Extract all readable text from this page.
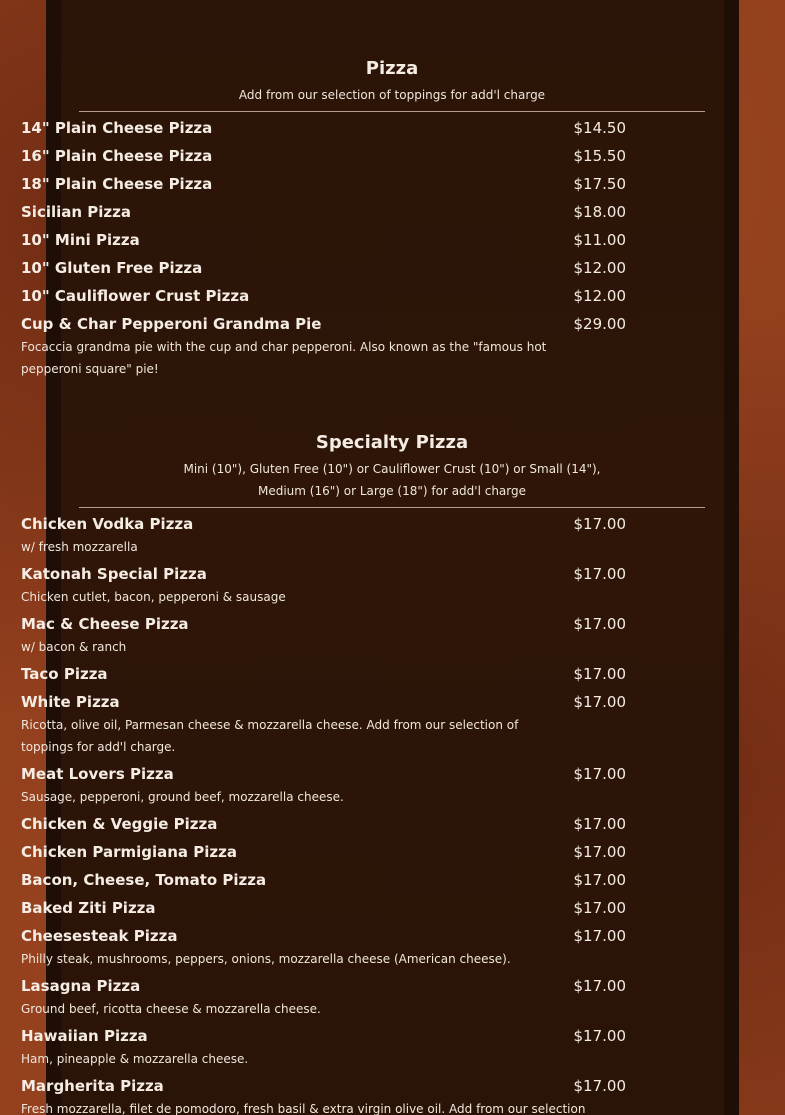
Pizza
Add from our selection of toppings for add'l charge
14" Plain Cheese Pizza	$14.50
16" Plain Cheese Pizza	$15.50
18" Plain Cheese Pizza	$17.50
Sicilian Pizza	$18.00
10" Mini Pizza	$11.00
10" Gluten Free Pizza	$12.00
10" Cauliflower Crust Pizza	$12.00
Cup & Char Pepperoni Grandma Pie	$29.00
Focaccia grandma pie with the cup and char pepperoni. Also known as the "famous hot pepperoni square" pie!
Specialty Pizza
Mini (10"), Gluten Free (10") or Cauliflower Crust (10") or Small (14"), Medium (16") or Large (18") for add'l charge
Chicken Vodka Pizza	$17.00
w/ fresh mozzarella
Katonah Special Pizza	$17.00
Chicken cutlet, bacon, pepperoni & sausage
Mac & Cheese Pizza	$17.00
w/ bacon & ranch
Taco Pizza	$17.00
White Pizza	$17.00
Ricotta, olive oil, Parmesan cheese & mozzarella cheese. Add from our selection of toppings for add'l charge.
Meat Lovers Pizza	$17.00
Sausage, pepperoni, ground beef, mozzarella cheese.
Chicken & Veggie Pizza	$17.00
Chicken Parmigiana Pizza	$17.00
Bacon, Cheese, Tomato Pizza	$17.00
Baked Ziti Pizza	$17.00
Cheesesteak Pizza	$17.00
Philly steak, mushrooms, peppers, onions, mozzarella cheese (American cheese).
Lasagna Pizza	$17.00
Ground beef, ricotta cheese & mozzarella cheese.
Hawaiian Pizza	$17.00
Ham, pineapple & mozzarella cheese.
Margherita Pizza	$17.00
Fresh mozzarella, filet de pomodoro, fresh basil & extra virgin olive oil. Add from our selection
